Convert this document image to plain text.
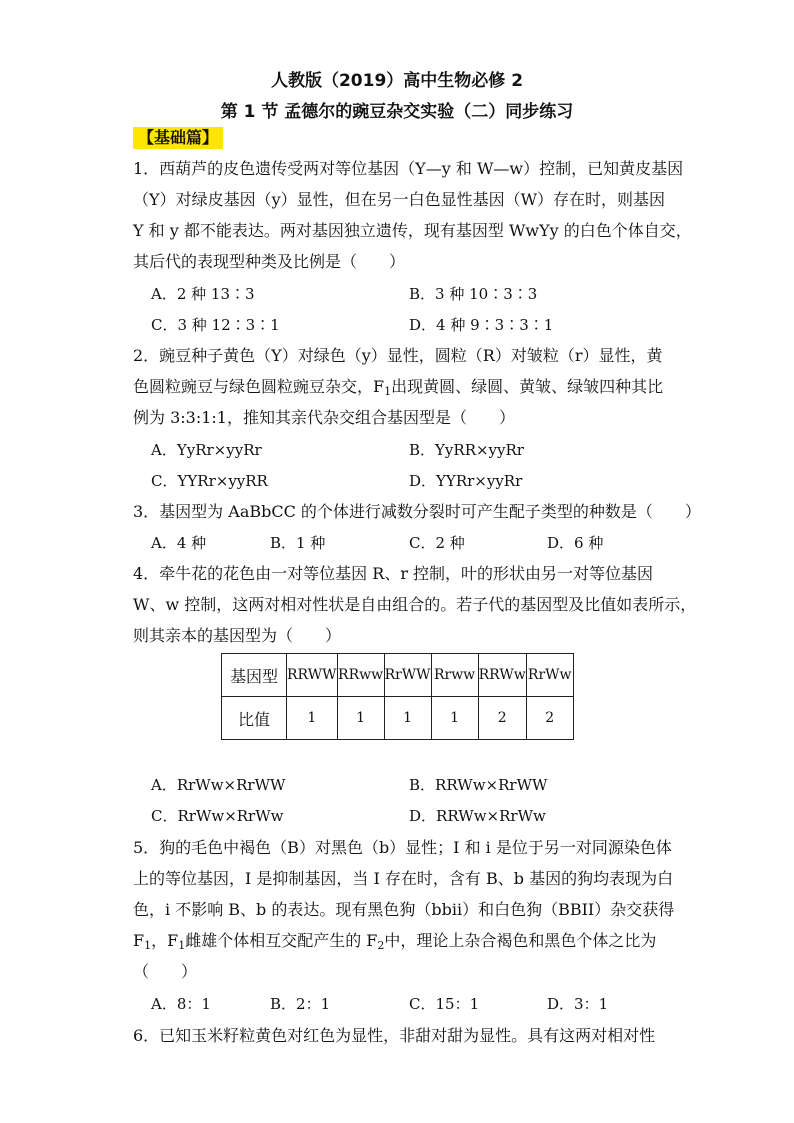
人教版（2019）高中生物必修 2
第 1 节 孟德尔的豌豆杂交实验（二）同步练习
【基础篇】
1．西葫芦的皮色遗传受两对等位基因（Y—y 和 W—w）控制，已知黄皮基因
（Y）对绿皮基因（y）显性，但在另一白色显性基因（W）存在时，则基因
Y 和 y 都不能表达。两对基因独立遗传，现有基因型 WwYy 的白色个体自交，
其后代的表现型种类及比例是（　　）
A．2 种 13∶3	B．3 种 10∶3∶3
C．3 种 12∶3∶1	D．4 种 9∶3∶3∶1
2．豌豆种子黄色（Y）对绿色（y）显性，圆粒（R）对皱粒（r）显性，黄
色圆粒豌豆与绿色圆粒豌豆杂交，$F_1$出现黄圆、绿圆、黄皱、绿皱四种其比
例为 3:3:1:1，推知其亲代杂交组合基因型是（　　）
A．YyRr×yyRr	B．YyRR×yyRr
C．YYRr×yyRR	D．YYRr×yyRr
3．基因型为 AaBbCC 的个体进行减数分裂时可产生配子类型的种数是（　　）
A．4 种	B．1 种	C．2 种	D．6 种
4．牵牛花的花色由一对等位基因 R、r 控制，叶的形状由另一对等位基因
W、w 控制，这两对相对性状是自由组合的。若子代的基因型及比值如表所示，
则其亲本的基因型为（　　）
基因型	RRWW	RRww	RrWW	Rrww	RRWw	RrWw
比值	1	1	1	1	2	2
A．RrWw×RrWW	B．RRWw×RrWW
C．RrWw×RrWw	D．RRWw×RrWw
5．狗的毛色中褐色（B）对黑色（b）显性；I 和 i 是位于另一对同源染色体
上的等位基因，I 是抑制基因，当 I 存在时，含有 B、b 基因的狗均表现为白
色，i 不影响 B、b 的表达。现有黑色狗（bbii）和白色狗（BBII）杂交获得
$F_1$，$F_1$雌雄个体相互交配产生的 $F_2$中，理论上杂合褐色和黑色个体之比为
（　　）
A．8：1	B．2：1	C．15：1	D．3：1
6．已知玉米籽粒黄色对红色为显性，非甜对甜为显性。具有这两对相对性
